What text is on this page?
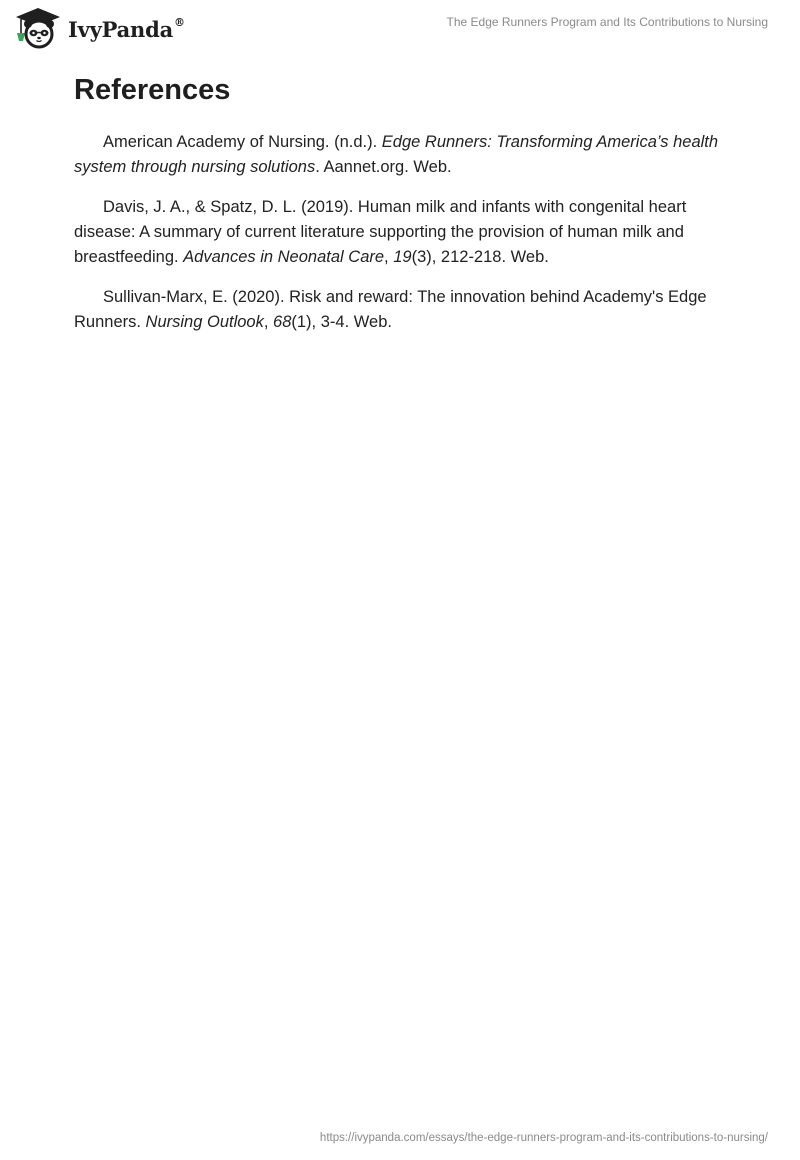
IvyPanda®	The Edge Runners Program and Its Contributions to Nursing
References

American Academy of Nursing. (n.d.). Edge Runners: Transforming America’s health system through nursing solutions. Aannet.org. Web.

Davis, J. A., & Spatz, D. L. (2019). Human milk and infants with congenital heart disease: A summary of current literature supporting the provision of human milk and breastfeeding. Advances in Neonatal Care, 19(3), 212-218. Web.

Sullivan-Marx, E. (2020). Risk and reward: The innovation behind Academy's Edge Runners. Nursing Outlook, 68(1), 3-4. Web.

https://ivypanda.com/essays/the-edge-runners-program-and-its-contributions-to-nursing/
